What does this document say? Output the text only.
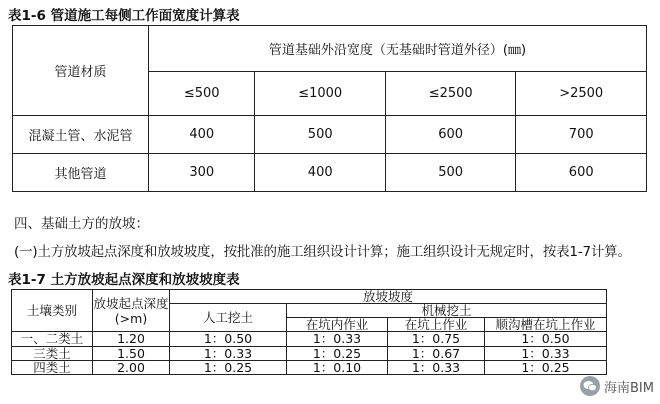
表1-6 管道施工每侧工作面宽度计算表
管道材质	管道基础外沿宽度（无基础时管道外径）(㎜)			
	≤500	≤1000	≤2500	>2500
混凝土管、水泥管	400	500	600	700
其他管道	300	400	500	600
四、基础土方的放坡：
(一)土方放坡起点深度和放坡坡度，按批准的施工组织设计计算；施工组织设计无规定时，按表1-7计算。
表1-7 土方放坡起点深度和放坡坡度表
土壤类别	放坡起点深度(>m)	放坡坡度			
		人工挖土	机械挖土		
			在坑内作业	在坑上作业	顺沟槽在坑上作业
一、二类土	1.20	1：0.50	1：0.33	1：0.75	1：0.50
三类土	1.50	1：0.33	1：0.25	1：0.67	1：0.33
四类土	2.00	1：0.25	1：0.10	1：0.33	1：0.25
海南BIM
